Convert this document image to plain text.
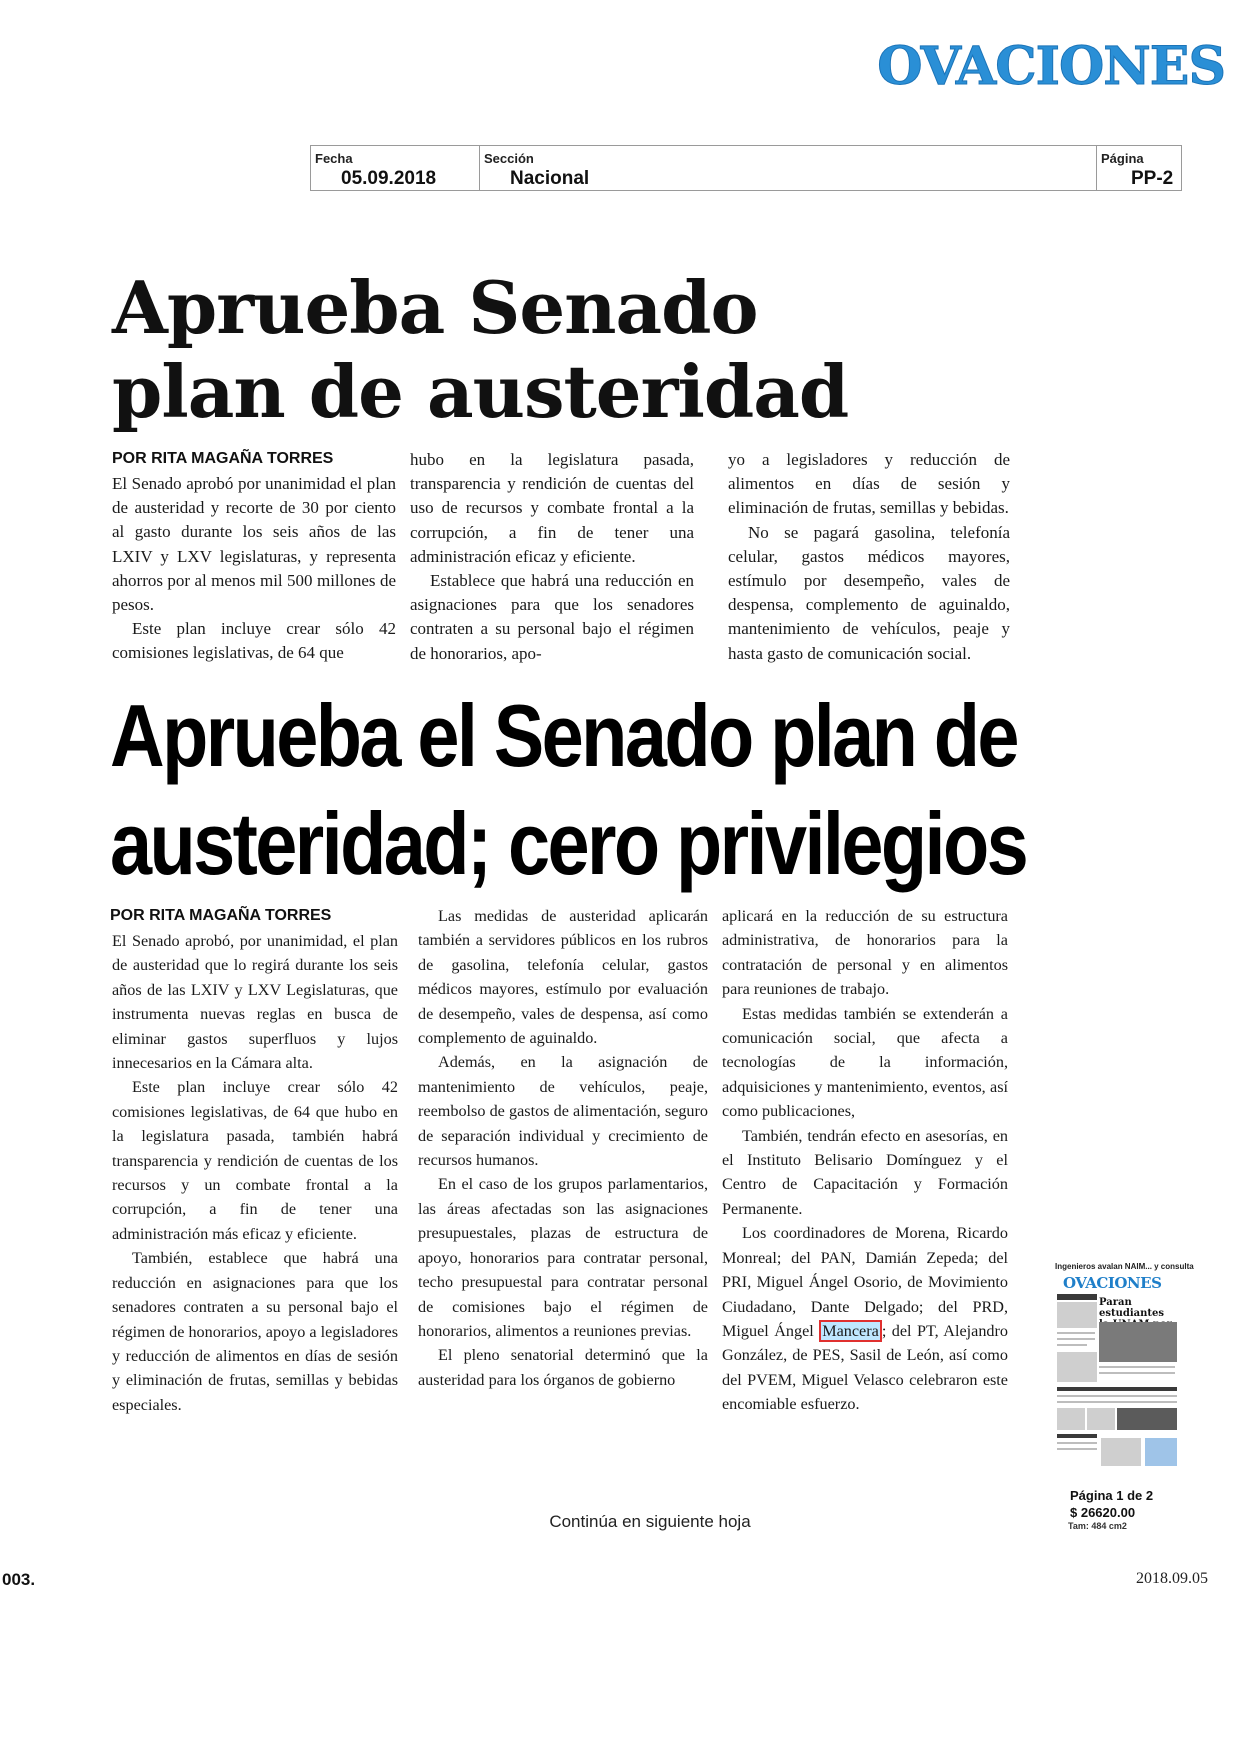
OVACIONES
Fecha
05.09.2018
Sección
Nacional
Página
PP-2
Aprueba Senado
plan de austeridad
POR RITA MAGAÑA TORRES

El Senado aprobó por unanimidad el plan de austeridad y recorte de 30 por ciento al gasto durante los seis años de las LXIV y LXV legislaturas, y representa ahorros por al menos mil 500 millones de pesos.

Este plan incluye crear sólo 42 comisiones legislativas, de 64 que

hubo en la legislatura pasada, transparencia y rendición de cuentas del uso de recursos y combate frontal a la corrupción, a fin de tener una administración eficaz y eficiente.

Establece que habrá una reducción en asignaciones para que los senadores contraten a su personal bajo el régimen de honorarios, apo-

yo a legisladores y reducción de alimentos en días de sesión y eliminación de frutas, semillas y bebidas.

No se pagará gasolina, telefonía celular, gastos médicos mayores, estímulo por desempeño, vales de despensa, complemento de aguinaldo, mantenimiento de vehículos, peaje y hasta gasto de comunicación social.

Aprueba el Senado plan de
austeridad; cero privilegios
POR RITA MAGAÑA TORRES

El Senado aprobó, por unanimidad, el plan de austeridad que lo regirá durante los seis años de las LXIV y LXV Legislaturas, que instrumenta nuevas reglas en busca de eliminar gastos superfluos y lujos innecesarios en la Cámara alta.

Este plan incluye crear sólo 42 comisiones legislativas, de 64 que hubo en la legislatura pasada, también habrá transparencia y rendición de cuentas de los recursos y un combate frontal a la corrupción, a fin de tener una administración más eficaz y eficiente.

También, establece que habrá una reducción en asignaciones para que los senadores contraten a su personal bajo el régimen de honorarios, apoyo a legisladores y reducción de alimentos en días de sesión y eliminación de frutas, semillas y bebidas especiales.

Las medidas de austeridad aplicarán también a servidores públicos en los rubros de gasolina, telefonía celular, gastos médicos mayores, estímulo por evaluación de desempeño, vales de despensa, así como complemento de aguinaldo.

Además, en la asignación de mantenimiento de vehículos, peaje, reembolso de gastos de alimentación, seguro de separación individual y crecimiento de recursos humanos.

En el caso de los grupos parlamentarios, las áreas afectadas son las asignaciones presupuestales, plazas de estructura de apoyo, honorarios para contratar personal, techo presupuestal para contratar personal de comisiones bajo el régimen de honorarios, alimentos a reuniones previas.

El pleno senatorial determinó que la austeridad para los órganos de gobierno

aplicará en la reducción de su estructura administrativa, de honorarios para la contratación de personal y en alimentos para reuniones de trabajo.

Estas medidas también se extenderán a comunicación social, que afecta a tecnologías de la información, adquisiciones y mantenimiento, eventos, así como publicaciones,

También, tendrán efecto en asesorías, en el Instituto Belisario Domínguez y el Centro de Capacitación y Formación Permanente.

Los coordinadores de Morena, Ricardo Monreal; del PAN, Damián Zepeda; del PRI, Miguel Ángel Osorio, de Movimiento Ciudadano, Dante Delgado; del PRD, Miguel Ángel Mancera ; del PT, Alejandro González, de PES, Sasil de León, así como del PVEM, Miguel Velasco celebraron este encomiable esfuerzo.

Ingenieros avalan NAIM... y consulta
OVACIONES
Paran estudiantes
Página 1 de 2
$ 26620.00
Tam: 484 cm2
Continúa en siguiente hoja
003.	2018.09.05
